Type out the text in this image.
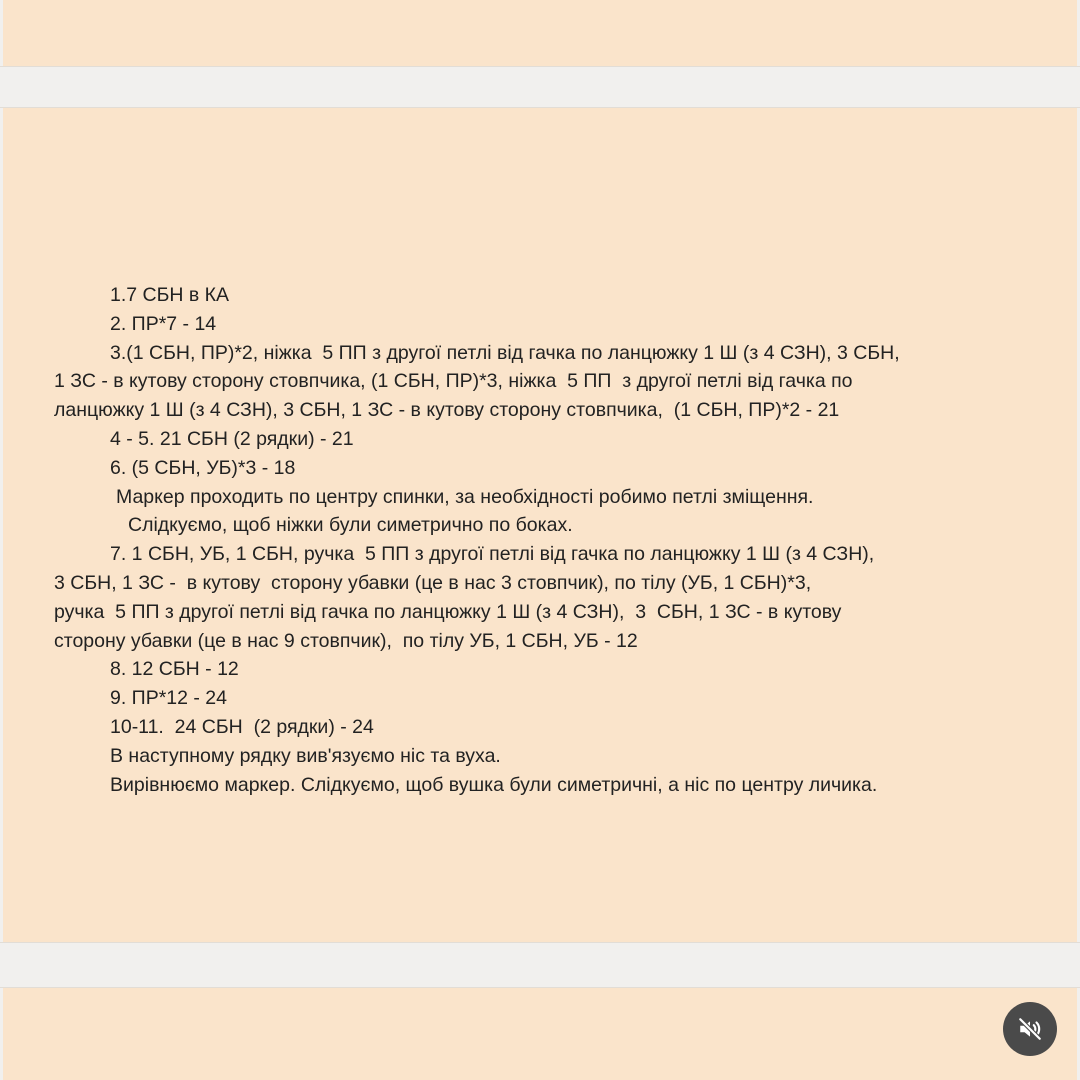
1.7 СБН в КА
2. ПР*7 - 14
3.(1 СБН, ПР)*2, ніжка  5 ПП з другої петлі від гачка по ланцюжку 1 Ш (з 4 СЗН), 3 СБН,
1 ЗС - в кутову сторону стовпчика, (1 СБН, ПР)*3, ніжка  5 ПП  з другої петлі від гачка по
ланцюжку 1 Ш (з 4 СЗН), 3 СБН, 1 ЗС - в кутову сторону стовпчика,  (1 СБН, ПР)*2 - 21
4 - 5. 21 СБН (2 рядки) - 21
6. (5 СБН, УБ)*3 - 18
Маркер проходить по центру спинки, за необхідності робимо петлі зміщення.
Слідкуємо, щоб ніжки були симетрично по боках.
7. 1 СБН, УБ, 1 СБН, ручка  5 ПП з другої петлі від гачка по ланцюжку 1 Ш (з 4 СЗН),
3 СБН, 1 ЗС -  в кутову  сторону убавки (це в нас 3 стовпчик), по тілу (УБ, 1 СБН)*3,
ручка  5 ПП з другої петлі від гачка по ланцюжку 1 Ш (з 4 СЗН),  3  СБН, 1 ЗС - в кутову
сторону убавки (це в нас 9 стовпчик),  по тілу УБ, 1 СБН, УБ - 12
8. 12 СБН - 12
9. ПР*12 - 24
10-11.  24 СБН  (2 рядки) - 24
В наступному рядку вив'язуємо ніс та вуха.
Вирівнюємо маркер. Слідкуємо, щоб вушка були симетричні, а ніс по центру личика.
